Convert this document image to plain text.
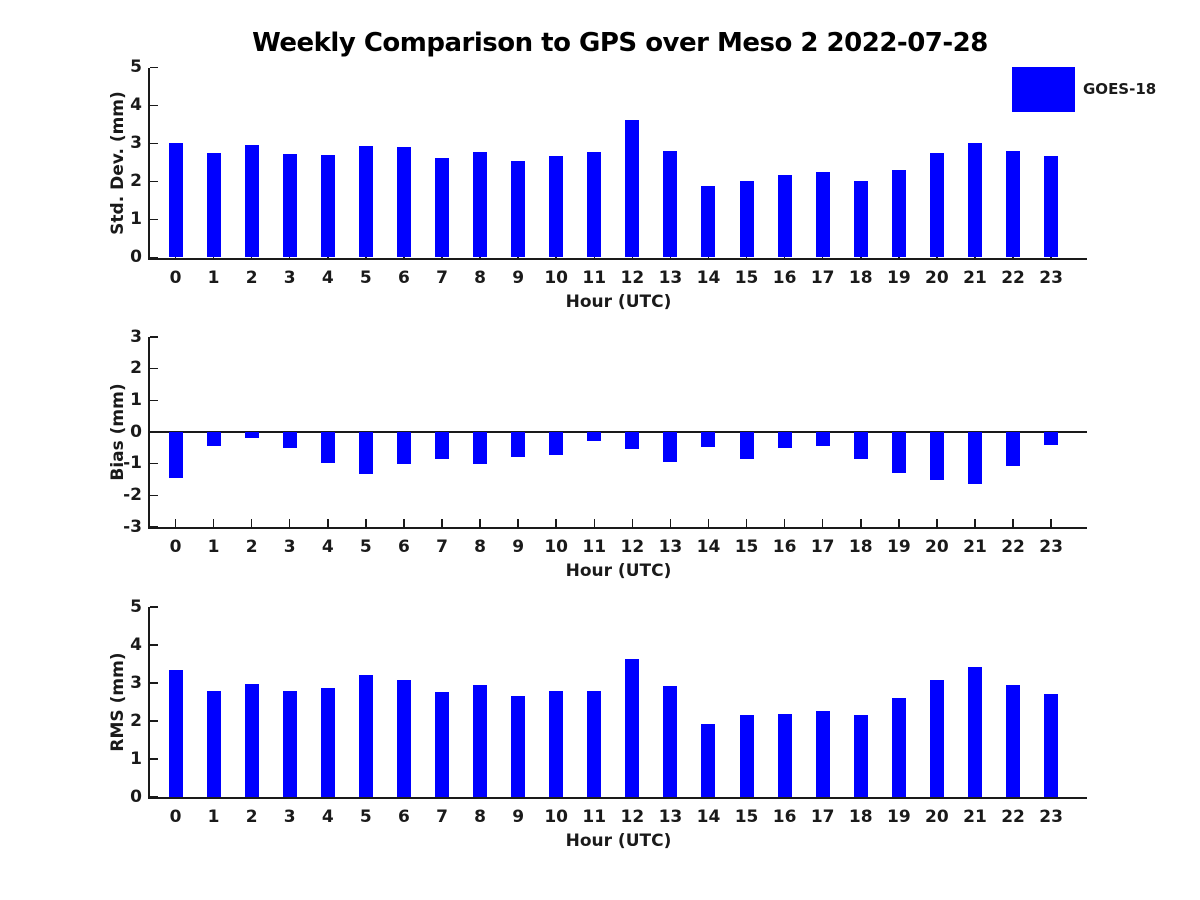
Weekly Comparison to GPS over Meso 2 2022-07-28
GOES-18
0
1
2
3
4
5
0	1	2	3	4	5	6	7	8	9	10 11 12 13 14 15 16 17 18 19 20 21 22 23
Hour (UTC)
Std. Dev. (mm)
3
2
1
0
-1
-2
-3
0	1	2	3	4	5	6	7	8	9	10 11 12 13 14 15 16 17 18 19 20 21 22 23
Hour (UTC)
Bias (mm)
0
1
2
3
4
5
0	1	2	3	4	5	6	7	8	9	10 11 12 13 14 15 16 17 18 19 20 21 22 23
Hour (UTC)
RMS (mm)
